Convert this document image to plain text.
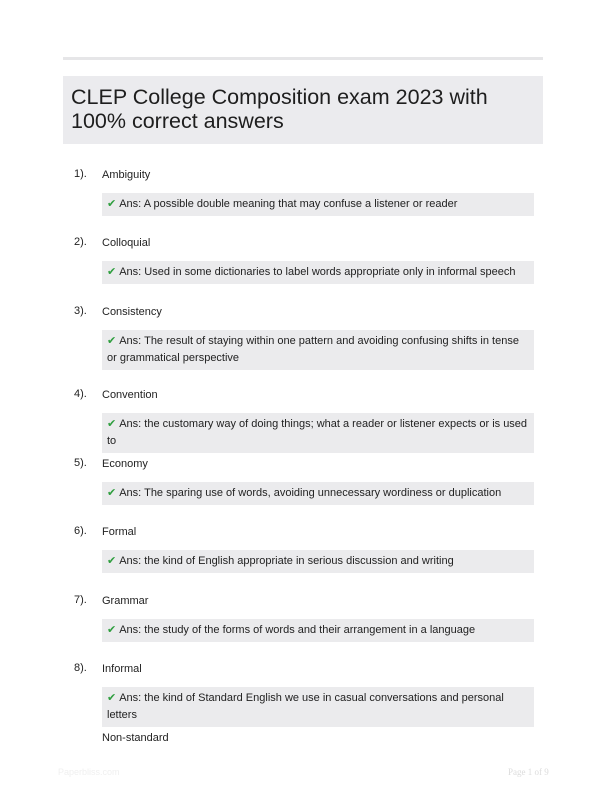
CLEP College Composition exam 2023 with 100% correct answers
1). Ambiguity
✔ Ans: A possible double meaning that may confuse a listener or reader
2). Colloquial
✔ Ans: Used in some dictionaries to label words appropriate only in informal speech
3). Consistency
✔ Ans: The result of staying within one pattern and avoiding confusing shifts in tense or grammatical perspective
4). Convention
✔ Ans: the customary way of doing things; what a reader or listener expects or is used to
5). Economy
✔ Ans: The sparing use of words, avoiding unnecessary wordiness or duplication
6). Formal
✔ Ans: the kind of English appropriate in serious discussion and writing
7). Grammar
✔ Ans: the study of the forms of words and their arrangement in a language
8). Informal
✔ Ans: the kind of Standard English we use in casual conversations and personal letters
Non-standard
Paperbliss.com	Page 1 of 9
